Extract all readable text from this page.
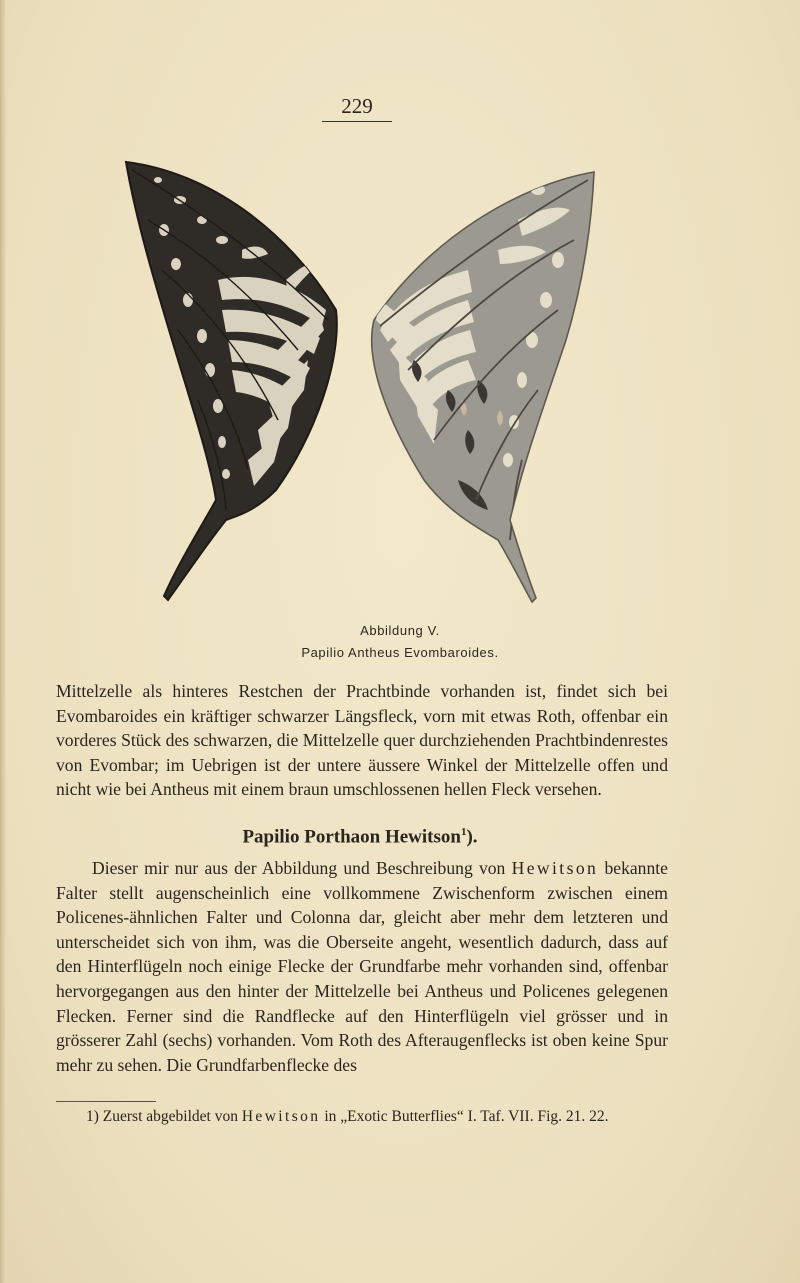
229
Abbildung V.
Papilio Antheus Evombaroides.

Mittelzelle als hinteres Restchen der Prachtbinde vorhanden ist, findet sich bei Evombaroides ein kräftiger schwarzer Längsfleck, vorn mit etwas Roth, offenbar ein vorderes Stück des schwarzen, die Mittelzelle quer durchziehenden Prachtbindenrestes von Evombar; im Uebrigen ist der untere äussere Winkel der Mittelzelle offen und nicht wie bei Antheus mit einem braun umschlossenen hellen Fleck versehen.

Papilio Porthaon Hewitson$^1$).

Dieser mir nur aus der Abbildung und Beschreibung von Hewitson bekannte Falter stellt augenscheinlich eine vollkommene Zwischenform zwischen einem Policenes-ähnlichen Falter und Colonna dar, gleicht aber mehr dem letzteren und unterscheidet sich von ihm, was die Oberseite angeht, wesentlich dadurch, dass auf den Hinterflügeln noch einige Flecke der Grundfarbe mehr vorhanden sind, offenbar hervorgegangen aus den hinter der Mittelzelle bei Antheus und Policenes gelegenen Flecken. Ferner sind die Randflecke auf den Hinterflügeln viel grösser und in grösserer Zahl (sechs) vorhanden. Vom Roth des Afteraugenflecks ist oben keine Spur mehr zu sehen. Die Grundfarbenflecke des

1) Zuerst abgebildet von Hewitson in „Exotic Butterflies“ I. Taf. VII. Fig. 21. 22.
